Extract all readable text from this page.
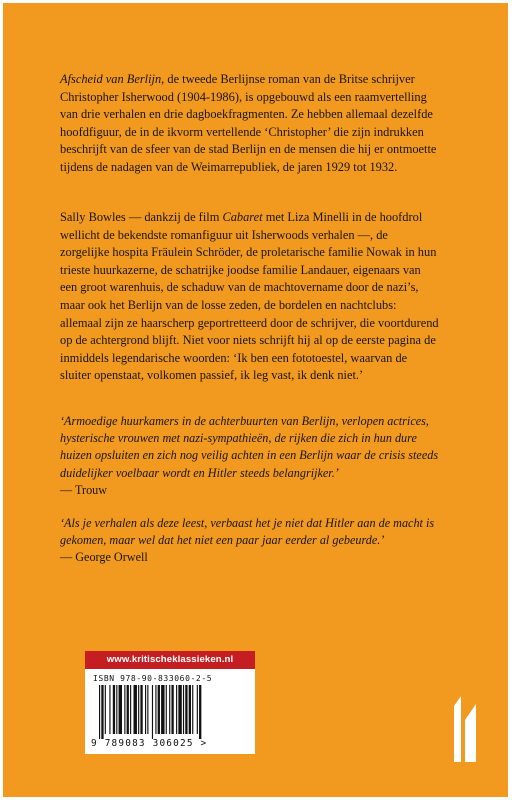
Afscheid van Berlijn, de tweede Berlijnse roman van de Britse schrijver Christopher Isherwood (1904-1986), is opgebouwd als een raamvertelling van drie verhalen en drie dagboekfragmenten. Ze hebben allemaal dezelfde hoofdfiguur, de in de ikvorm vertellende ‘Christopher’ die zijn indrukken beschrijft van de sfeer van de stad Berlijn en de mensen die hij er ontmoette tijdens de nadagen van de Weimarrepubliek, de jaren 1929 tot 1932.

Sally Bowles — dankzij de film Cabaret met Liza Minelli in de hoofdrol wellicht de bekendste romanfiguur uit Isherwoods verhalen —, de zorgelijke hospita Fräulein Schröder, de proletarische familie Nowak in hun trieste huurkazerne, de schatrijke joodse familie Landauer, eigenaars van een groot warenhuis, de schaduw van de machtovername door de nazi’s, maar ook het Berlijn van de losse zeden, de bordelen en nachtclubs: allemaal zijn ze haarscherp geportretteerd door de schrijver, die voortdurend op de achtergrond blijft. Niet voor niets schrijft hij al op de eerste pagina de inmiddels legendarische woorden: ‘Ik ben een fototoestel, waarvan de sluiter openstaat, volkomen passief, ik leg vast, ik denk niet.’

‘Armoedige huurkamers in de achterbuurten van Berlijn, verlopen actrices, hysterische vrouwen met nazi-sympathieën, de rijken die zich in hun dure huizen opsluiten en zich nog veilig achten in een Berlijn waar de crisis steeds duidelijker voelbaar wordt en Hitler steeds belangrijker.’

— Trouw

‘Als je verhalen als deze leest, verbaast het je niet dat Hitler aan de macht is gekomen, maar wel dat het niet een paar jaar eerder al gebeurde.’

— George Orwell

www.kritischeklassieken.nl
ISBN 978-90-833060-2-5
9 789083 306025 >
